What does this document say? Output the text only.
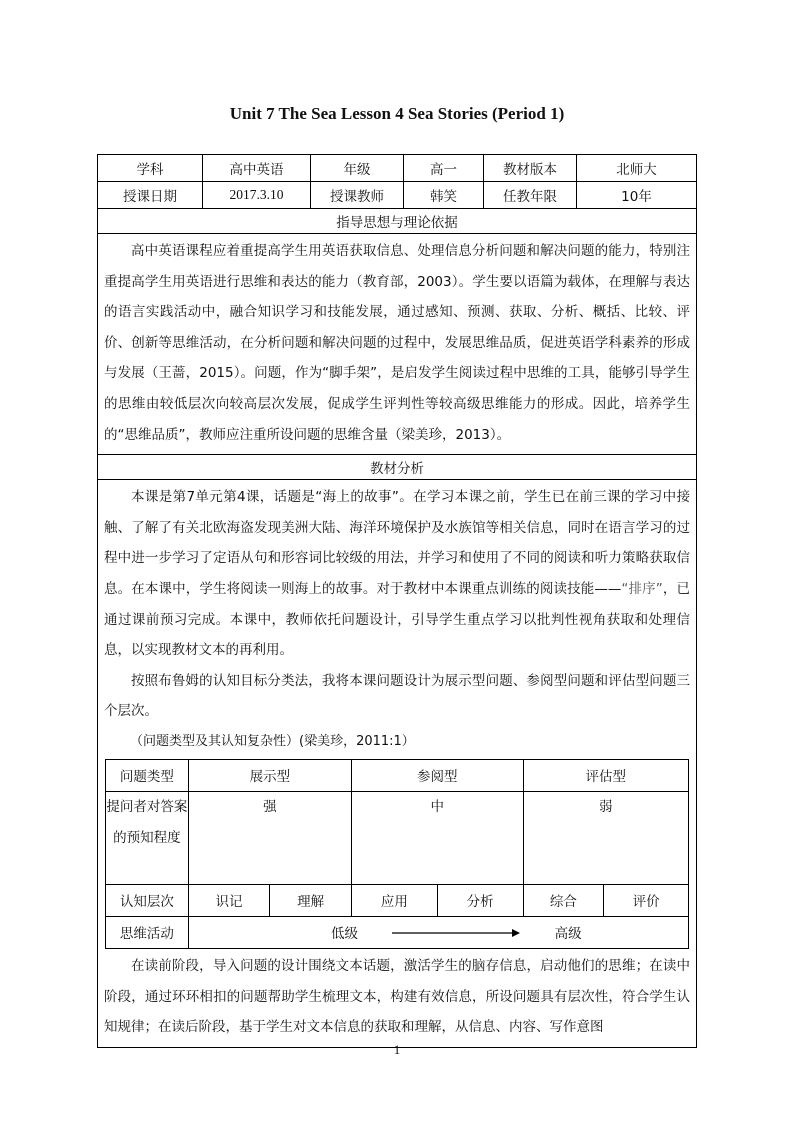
Unit 7 The Sea Lesson 4 Sea Stories (Period 1)
学科	高中英语	年级	高一	教材版本	北师大
授课日期	2017.3.10	授课教师	韩笑	任教年限	10年
指导思想与理论依据

高中英语课程应着重提高学生用英语获取信息、处理信息分析问题和解决问题的能力，特别注重提高学生用英语进行思维和表达的能力（教育部，2003）。学生要以语篇为载体，在理解与表达的语言实践活动中，融合知识学习和技能发展，通过感知、预测、获取、分析、概括、比较、评价、创新等思维活动，在分析问题和解决问题的过程中，发展思维品质，促进英语学科素养的形成与发展（王蔷，2015）。问题，作为“脚手架”，是启发学生阅读过程中思维的工具，能够引导学生的思维由较低层次向较高层次发展，促成学生评判性等较高级思维能力的形成。因此，培养学生的“思维品质”，教师应注重所设问题的思维含量（梁美珍，2013）。

教材分析

本课是第7单元第4课，话题是“海上的故事”。在学习本课之前，学生已在前三课的学习中接触、了解了有关北欧海盗发现美洲大陆、海洋环境保护及水族馆等相关信息，同时在语言学习的过程中进一步学习了定语从句和形容词比较级的用法，并学习和使用了不同的阅读和听力策略获取信息。在本课中，学生将阅读一则海上的故事。对于教材中本课重点训练的阅读技能——“排序”，已通过课前预习完成。本课中，教师依托问题设计，引导学生重点学习以批判性视角获取和处理信息，以实现教材文本的再利用。

按照布鲁姆的认知目标分类法，我将本课问题设计为展示型问题、参阅型问题和评估型问题三个层次。

（问题类型及其认知复杂性）(梁美珍，2011:1）

问题类型	展示型	参阅型	评估型
提问者对答案的预知程度	强	中	弱
认知层次	识记	理解	应用	分析	综合	评价
思维活动	低级	高级

在读前阶段，导入问题的设计围绕文本话题，激活学生的脑存信息，启动他们的思维；在读中阶段，通过环环相扣的问题帮助学生梳理文本，构建有效信息，所设问题具有层次性，符合学生认知规律；在读后阶段，基于学生对文本信息的获取和理解，从信息、内容、写作意图

1
